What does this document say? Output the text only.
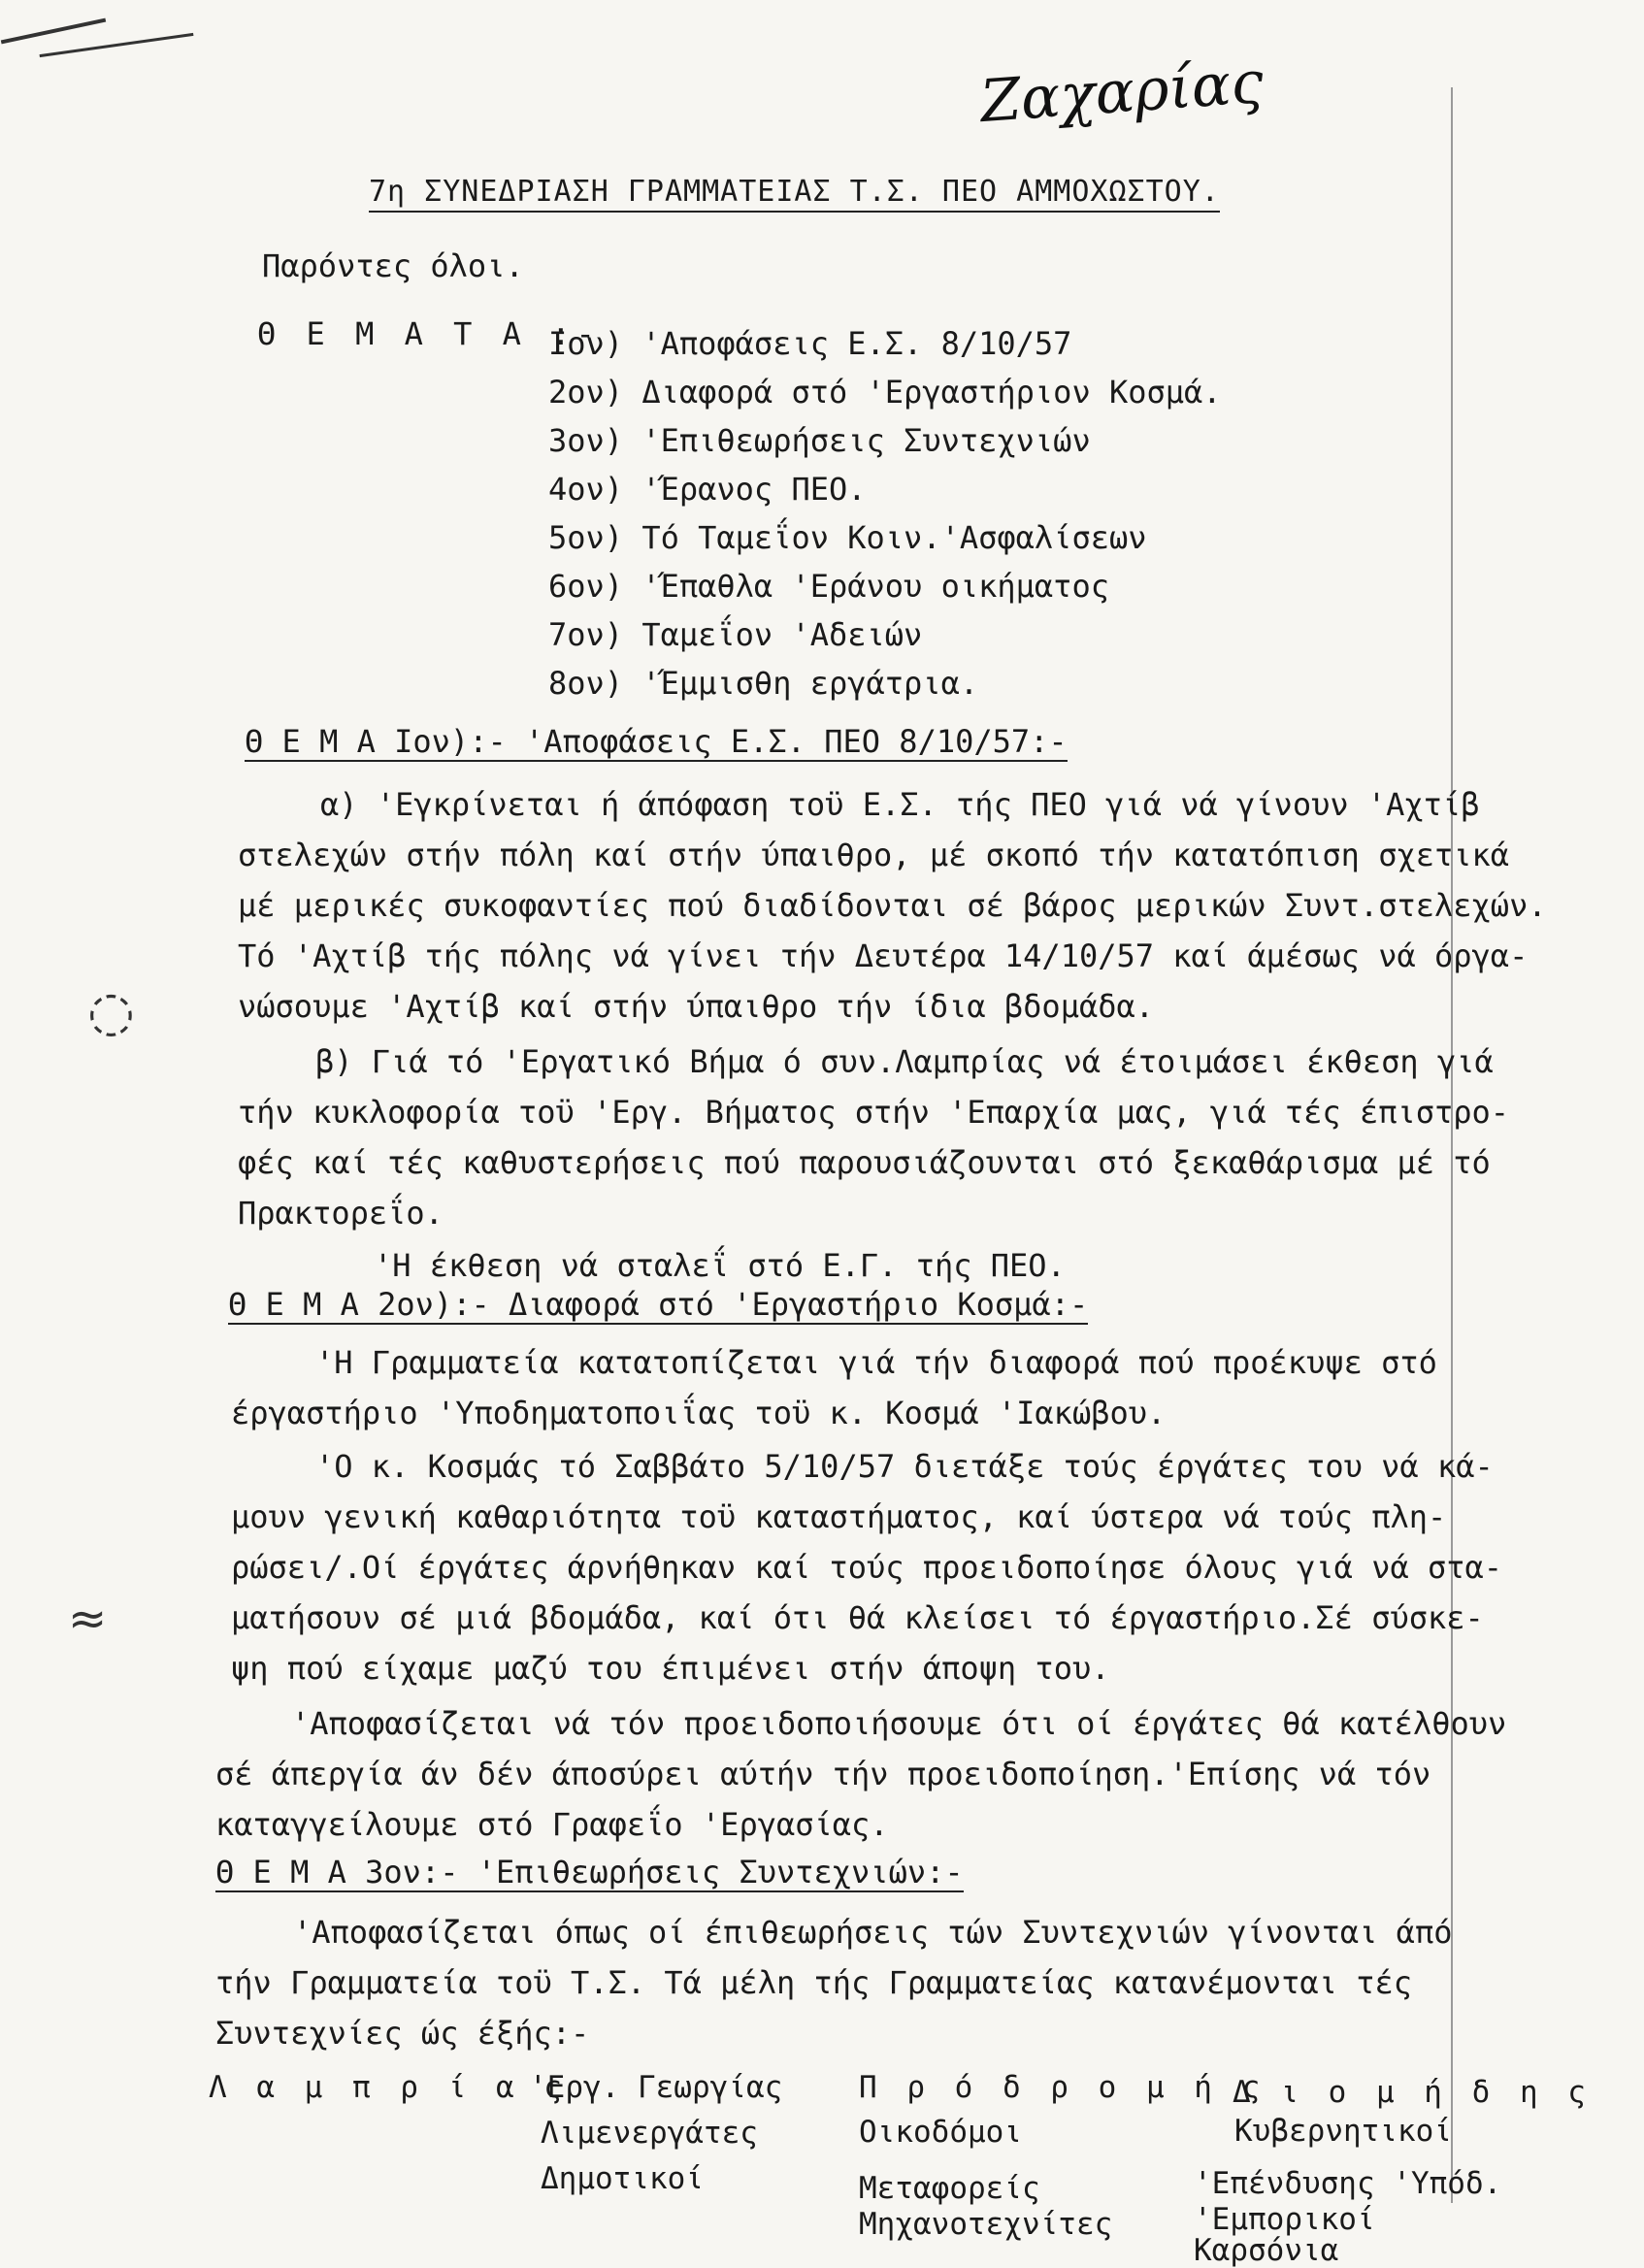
◌
≈
Ζαχαρίας
7η ΣΥΝΕΔΡΙΑΣΗ ΓΡΑΜΜΑΤΕΙΑΣ Τ.Σ. ΠΕΟ ΑΜΜΟΧΩΣΤΟΥ.
Παρόντες όλοι.
Θ Ε Μ Α Τ Α :-
Ιον) 'Αποφάσεις Ε.Σ. 8/10/57
2ον) Διαφορά στό 'Εργαστήριον Κοσμά.
3ον) 'Επιθεωρήσεις Συντεχνιών
4ον) 'Έρανος ΠΕΟ.
5ον) Τό Ταμεΐον Κοιν.'Ασφαλίσεων
6ον) 'Έπαθλα 'Εράνου οικήματος
7ον) Ταμεΐον 'Αδειών
8ον) 'Έμμισθη εργάτρια.
Θ Ε Μ Α Ιον):- 'Αποφάσεις Ε.Σ. ΠΕΟ 8/10/57:-
α) 'Εγκρίνεται ή άπόφαση τοϋ Ε.Σ. τής ΠΕΟ γιά νά γίνουν 'Αχτίβ
στελεχών στήν πόλη καί στήν ύπαιθρο, μέ σκοπό τήν κατατόπιση σχετικά
μέ μερικές συκοφαντίες πού διαδίδονται σέ βάρος μερικών Συντ.στελεχών.
Τό 'Αχτίβ τής πόλης νά γίνει τήν Δευτέρα 14/10/57 καί άμέσως νά όργα-
νώσουμε 'Αχτίβ καί στήν ύπαιθρο τήν ίδια βδομάδα.
β) Γιά τό 'Εργατικό Βήμα ό συν.Λαμπρίας νά έτοιμάσει έκθεση γιά
τήν κυκλοφορία τοϋ 'Εργ. Βήματος στήν 'Επαρχία μας, γιά τές έπιστρο-
φές καί τές καθυστερήσεις πού παρουσιάζουνται στό ξεκαθάρισμα μέ τό
Πρακτορεΐο.
'Η έκθεση νά σταλεΐ στό Ε.Γ. τής ΠΕΟ.
Θ Ε Μ Α 2ον):- Διαφορά στό 'Εργαστήριο Κοσμά:-
'Η Γραμματεία κατατοπίζεται γιά τήν διαφορά πού προέκυψε στό
έργαστήριο 'Υποδηματοποιΐας τοϋ κ. Κοσμά 'Ιακώβου.
'Ο κ. Κοσμάς τό Σαββάτο 5/10/57 διετάξε τούς έργάτες του νά κά-
μουν γενική καθαριότητα τοϋ καταστήματος, καί ύστερα νά τούς πλη-
ρώσει/.Οί έργάτες άρνήθηκαν καί τούς προειδοποίησε όλους γιά νά στα-
ματήσουν σέ μιά βδομάδα, καί ότι θά κλείσει τό έργαστήριο.Σέ σύσκε-
ψη πού είχαμε μαζύ του έπιμένει στήν άποψη του.
'Αποφασίζεται νά τόν προειδοποιήσουμε ότι οί έργάτες θά κατέλθουν
σέ άπεργία άν δέν άποσύρει αύτήν τήν προειδοποίηση.'Επίσης νά τόν
καταγγείλουμε στό Γραφεΐο 'Εργασίας.
Θ Ε Μ Α 3ον:- 'Επιθεωρήσεις Συντεχνιών:-
'Αποφασίζεται όπως οί έπιθεωρήσεις τών Συντεχνιών γίνονται άπό
τήν Γραμματεία τοϋ Τ.Σ. Τά μέλη τής Γραμματείας κατανέμονται τές
Συντεχνίες ώς έξής:-
Λ α μ π ρ ί α ς
'Εργ. Γεωργίας
Λιμενεργάτες
Δημοτικοί
Π ρ ό δ ρ ο μ ή ς
Οικοδόμοι
Μεταφορείς
Μηχανοτεχνίτες
Δ ι ο μ ή δ η ς
Κυβερνητικοί
'Επένδυσης 'Υπόδ.
'Εμπορικοί
Καρσόνια
